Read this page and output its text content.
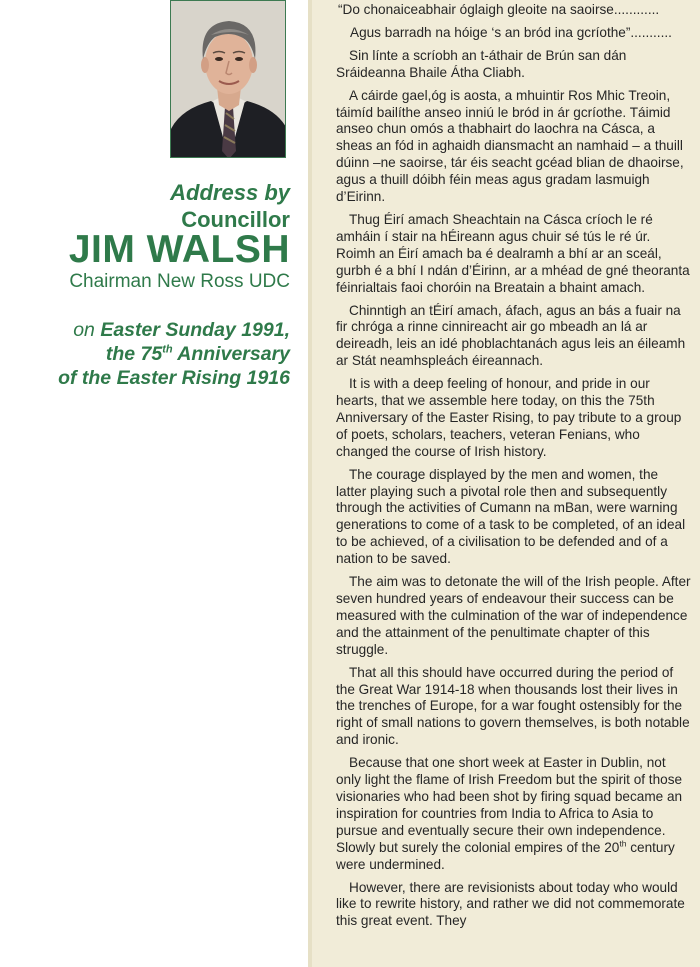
Address by
Councillor
JIM WALSH
Chairman New Ross UDC
on Easter Sunday 1991,
the 75th Anniversary
of the Easter Rising 1916

“Do chonaiceabhair óglaigh gleoite na saoirse............

Agus barradh na hóige ‘s an bród ina gcríothe”...........

Sin línte a scríobh an t-áthair de Brún san dán Sráideanna Bhaile Átha Cliabh.

A cáirde gael,óg is aosta, a mhuintir Ros Mhic Treoin, táimíd bailíthe anseo inniú le bród in ár gcríothe. Táimid anseo chun omós a thabhairt do laochra na Cásca, a sheas an fód in aghaidh diansmacht an namhaid – a thuill dúinn –ne saoirse, tár éis seacht gcéad blian de dhaoirse, agus a thuill dóibh féin meas agus gradam lasmuigh d’Eirinn.

Thug Éirí amach Sheachtain na Cásca críoch le ré amháin í stair na hÉireann agus chuir sé tús le ré úr. Roimh an Éirí amach ba é dealramh a bhí ar an sceál, gurbh é a bhí I ndán d’Éirinn, ar a mhéad de gné theoranta féinrialtais faoi choróin na Breatain a bhaint amach.

Chinntigh an tÉirí amach, áfach, agus an bás a fuair na fir chróga a rinne cinnireacht air go mbeadh an lá ar deireadh, leis an idé phoblachtanách agus leis an éileamh ar Stát neamhspleách éireannach.

It is with a deep feeling of honour, and pride in our hearts, that we assemble here today, on this the 75th Anniversary of the Easter Rising, to pay tribute to a group of poets, scholars, teachers, veteran Fenians, who changed the course of Irish history.

The courage displayed by the men and women, the latter playing such a pivotal role then and subsequently through the activities of Cumann na mBan, were warning generations to come of a task to be completed, of an ideal to be achieved, of a civilisation to be defended and of a nation to be saved.

The aim was to detonate the will of the Irish people. After seven hundred years of endeavour their success can be measured with the culmination of the war of independence and the attainment of the penultimate chapter of this struggle.

That all this should have occurred during the period of the Great War 1914-18 when thousands lost their lives in the trenches of Europe, for a war fought ostensibly for the right of small nations to govern themselves, is both notable and ironic.

Because that one short week at Easter in Dublin, not only light the flame of Irish Freedom but the spirit of those visionaries who had been shot by firing squad became an inspiration for countries from India to Africa to Asia to pursue and eventually secure their own independence. Slowly but surely the colonial empires of the 20th century were undermined.

However, there are revisionists about today who would like to rewrite history, and rather we did not commemorate this great event. They
